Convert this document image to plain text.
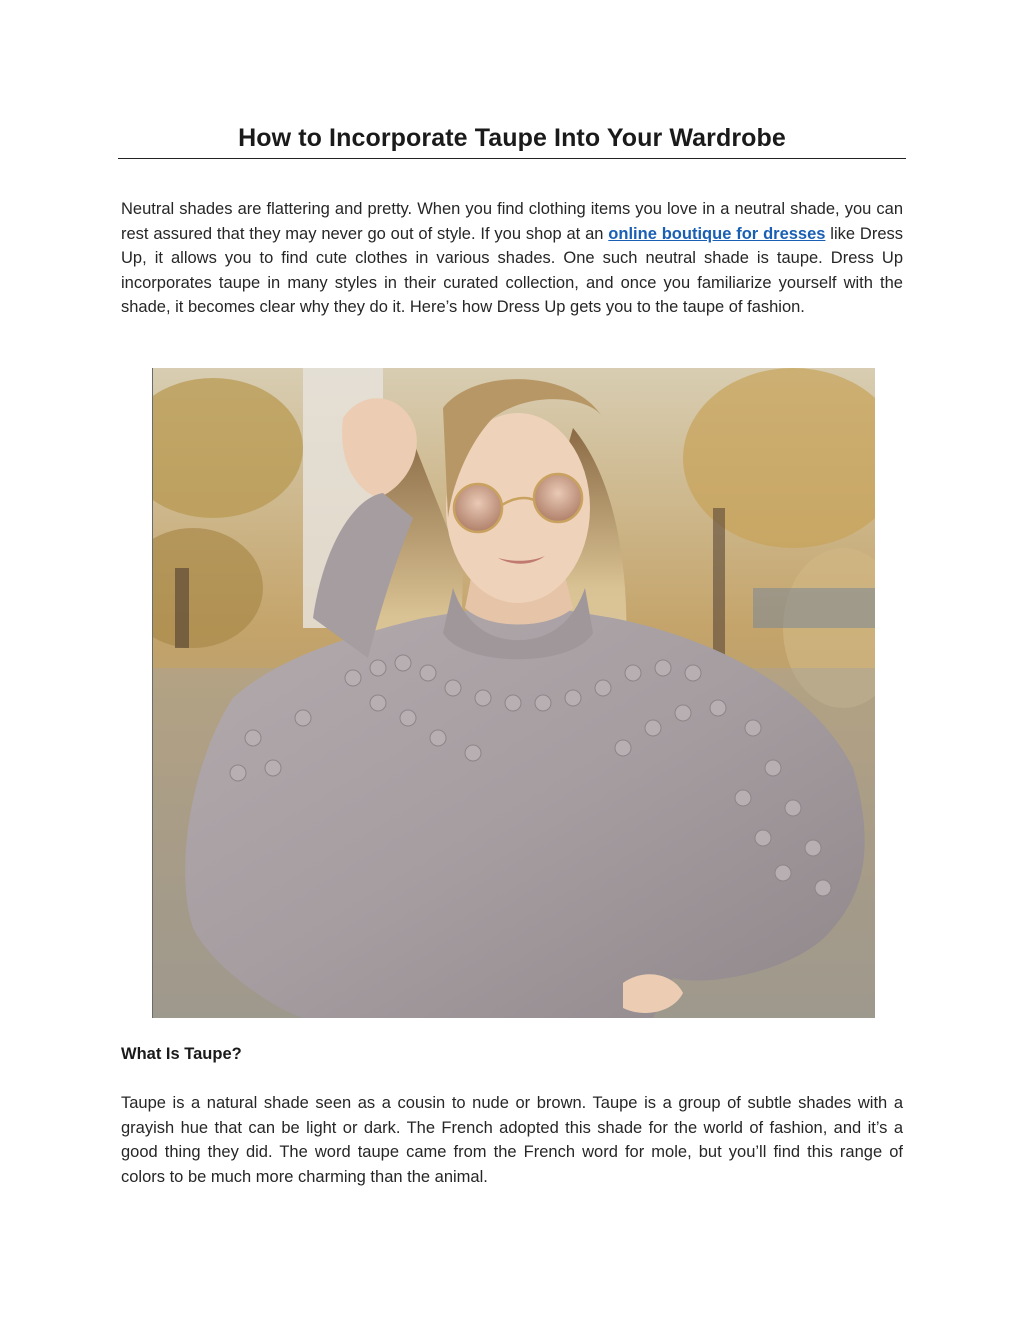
How to Incorporate Taupe Into Your Wardrobe

Neutral shades are flattering and pretty. When you find clothing items you love in a neutral shade, you can rest assured that they may never go out of style. If you shop at an online boutique for dresses like Dress Up, it allows you to find cute clothes in various shades. One such neutral shade is taupe. Dress Up incorporates taupe in many styles in their curated collection, and once you familiarize yourself with the shade, it becomes clear why they do it. Here’s how Dress Up gets you to the taupe of fashion.

What Is Taupe?

Taupe is a natural shade seen as a cousin to nude or brown. Taupe is a group of subtle shades with a grayish hue that can be light or dark. The French adopted this shade for the world of fashion, and it’s a good thing they did. The word taupe came from the French word for mole, but you’ll find this range of colors to be much more charming than the animal.
